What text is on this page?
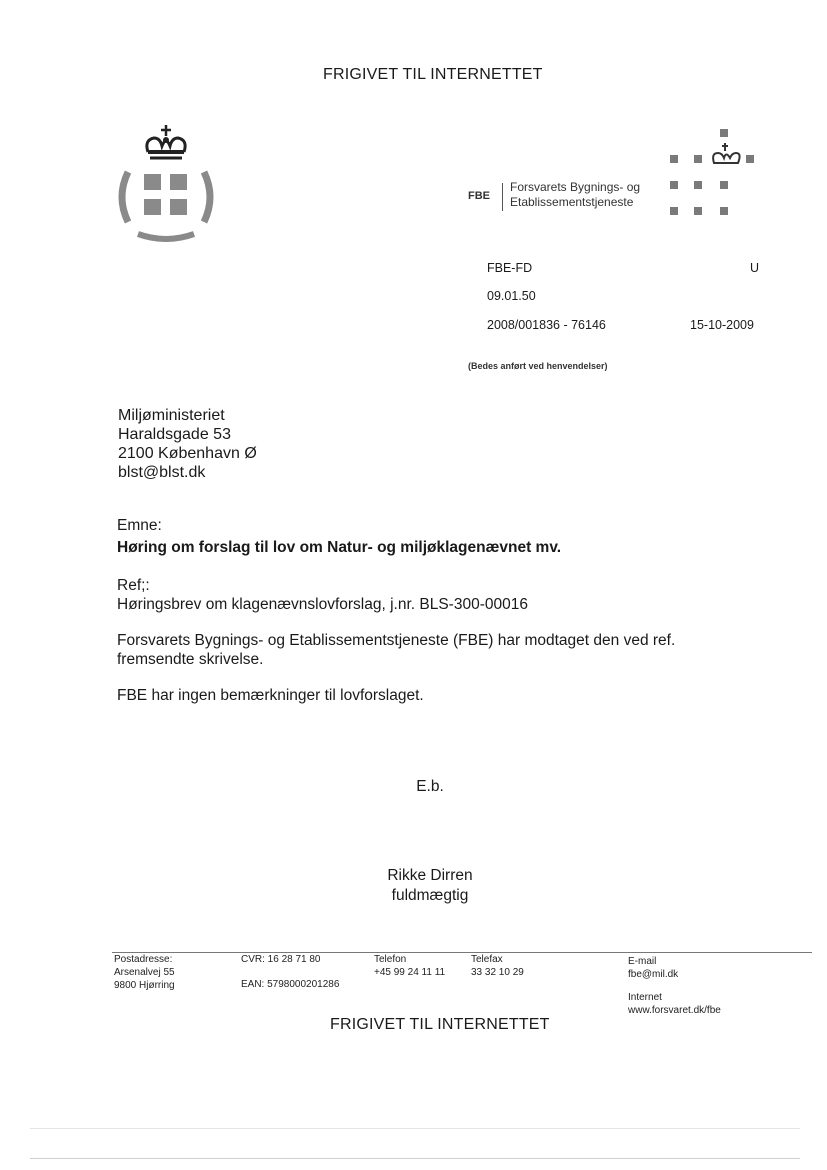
FRIGIVET TIL INTERNETTET
FBE
Forsvarets Bygnings- og
Etablissementstjeneste
FBE-FD	U
09.01.50
2008/001836 - 76146	15-10-2009
(Bedes anført ved henvendelser)
Miljøministeriet
Haraldsgade 53
2100 København Ø
blst@blst.dk
Emne:
Høring om forslag til lov om Natur- og miljøklagenævnet mv.
Ref;:
Høringsbrev om klagenævnslovforslag, j.nr. BLS-300-00016
Forsvarets Bygnings- og Etablissementstjeneste (FBE) har modtaget den ved ref.
fremsendte skrivelse.
FBE har ingen bemærkninger til lovforslaget.
E.b.
Rikke Dirren
fuldmægtig
Postadresse:
Arsenalvej 55
9800 Hjørring
CVR: 16 28 71 80
EAN: 5798000201286
Telefon
+45 99 24 11 11
Telefax
33 32 10 29
E-mail
fbe@mil.dk
Internet
www.forsvaret.dk/fbe
FRIGIVET TIL INTERNETTET
